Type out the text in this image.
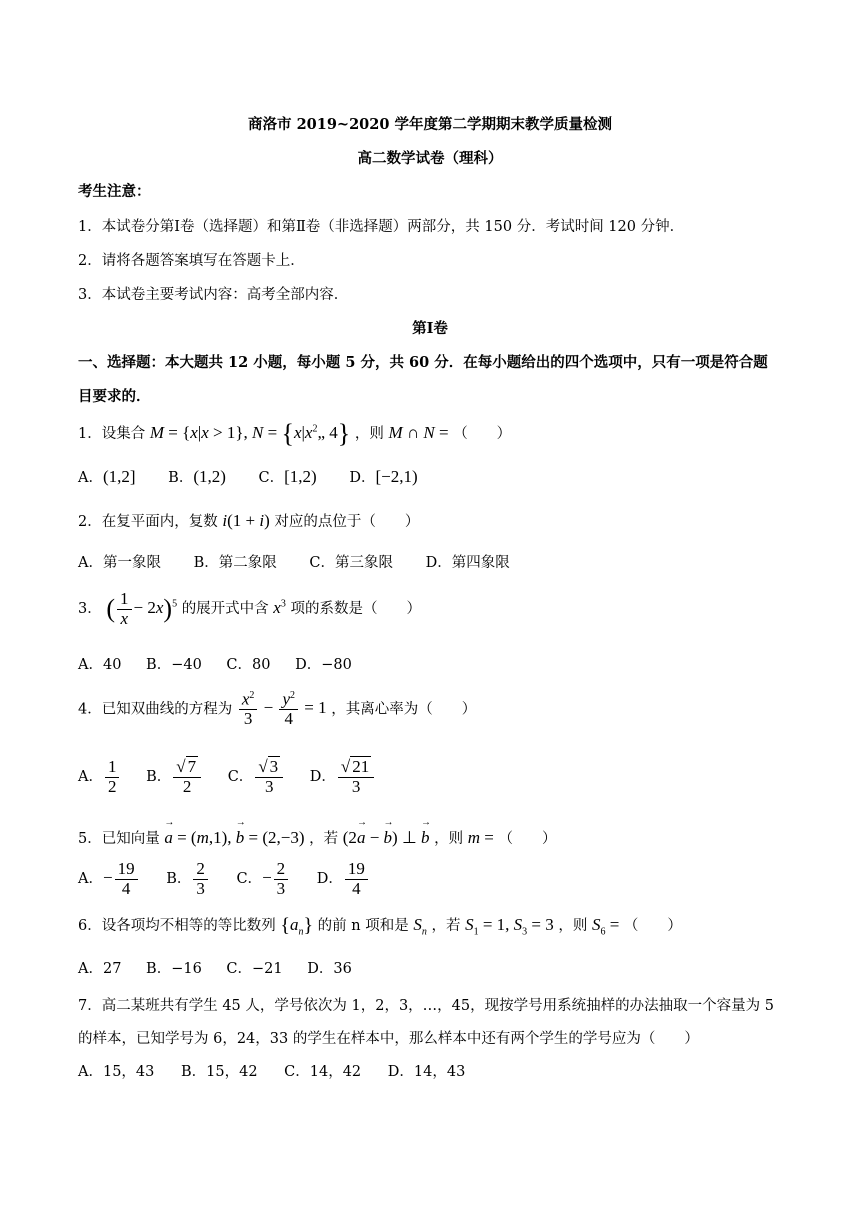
商洛市 2019~2020 学年度第二学期期末教学质量检测
高二数学试卷（理科）
考生注意：
1．本试卷分第Ⅰ卷（选择题）和第Ⅱ卷（非选择题）两部分，共 150 分．考试时间 120 分钟．
2．请将各题答案填写在答题卡上．
3．本试卷主要考试内容：高考全部内容．
第Ⅰ卷
一、选择题：本大题共 12 小题，每小题 5 分，共 60 分．在每小题给出的四个选项中，只有一项是符合题
目要求的．
1．设集合 M = {x|x > 1}, $N = \{x|x^2„$ 4} ，则 M ∩ N = （　　）
A．(1,2] B．(1,2) C．[1,2) D．[−2,1)
2．在复平面内，复数 i(1 + i) 对应的点位于（　　）
A．第一象限 B．第二象限 C．第三象限 D．第四象限
3． ( $\frac{1}{x} - 2x)^5$ 的展开式中含 $x^3$ 项的系数是（　　）
A．40 B．−40 C．80 D．−80
4．已知双曲线的方程为 $\frac{x^2}{3} - \frac{y^2}{4} = 1$ ，其离心率为（　　）
A． $\frac{1}{2}$ B． $\frac{√ 7}{2}$ C． $\frac{√ 3}{3}$ D． $\frac{√ 21}{3}$
5．已知向量 → a = (m,1), → b = (2,−3) ，若 (2→ a − → b) ⊥ → b ，则 m = （　　）
A．− $\frac{19}{4}$ B． $\frac{2}{3}$ C．− $\frac{2}{3}$ D． $\frac{19}{4}$
6．设各项均不相等的等比数列 $\{a_n\}$ 的前 n 项和是 $S_n$ ，若 $S_1 = 1$, $S_3 = 3$ ，则 $S_6$ = （　　）
A．27 B．−16 C．−21 D．36
7．高二某班共有学生 45 人，学号依次为 1，2，3，…，45，现按学号用系统抽样的办法抽取一个容量为 5
的样本，已知学号为 6，24，33 的学生在样本中，那么样本中还有两个学生的学号应为（　　）
A．15，43 B．15，42 C．14，42 D．14，43
